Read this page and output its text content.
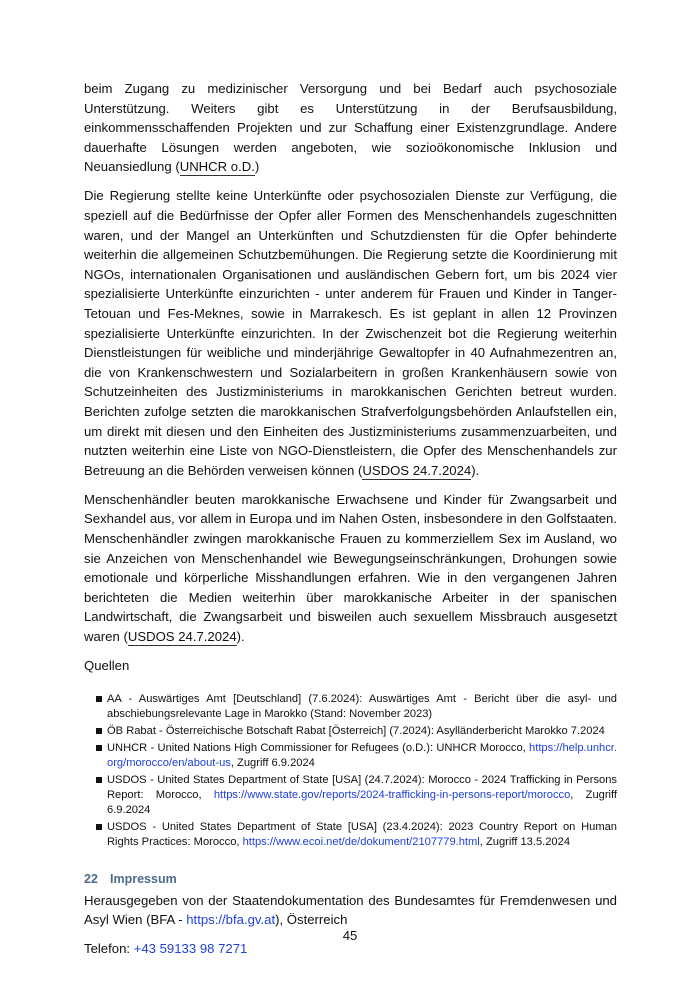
beim Zugang zu medizinischer Versorgung und bei Bedarf auch psychosoziale Unterstützung. Weiters gibt es Unterstützung in der Berufsausbildung, einkommensschaffenden Projekten und zur Schaffung einer Existenzgrundlage. Andere dauerhafte Lösungen werden angeboten, wie sozioökonomische Inklusion und Neuansiedlung (UNHCR o.D.)

Die Regierung stellte keine Unterkünfte oder psychosozialen Dienste zur Verfügung, die speziell auf die Bedürfnisse der Opfer aller Formen des Menschenhandels zugeschnitten waren, und der Mangel an Unterkünften und Schutzdiensten für die Opfer behinderte weiterhin die allgemeinen Schutzbemühungen. Die Regierung setzte die Koordinierung mit NGOs, internationalen Organisationen und ausländischen Gebern fort, um bis 2024 vier spezialisierte Unterkünfte einzurichten - unter anderem für Frauen und Kinder in Tanger-Tetouan und Fes-Meknes, sowie in Marrakesch. Es ist geplant in allen 12 Provinzen spezialisierte Unterkünfte einzurichten. In der Zwischenzeit bot die Regierung weiterhin Dienstleistungen für weibliche und minderjährige Gewaltopfer in 40 Aufnahmezentren an, die von Krankenschwestern und Sozialarbeitern in großen Krankenhäusern sowie von Schutzeinheiten des Justizministeriums in marokkanischen Gerichten betreut wurden. Berichten zufolge setzten die marokkanischen Strafverfolgungsbehörden Anlaufstellen ein, um direkt mit diesen und den Einheiten des Justizministeriums zusammenzuarbeiten, und nutzten weiterhin eine Liste von NGO-Dienstleistern, die Opfer des Menschenhandels zur Betreuung an die Behörden verweisen können (USDOS 24.7.2024).

Menschenhändler beuten marokkanische Erwachsene und Kinder für Zwangsarbeit und Sexhandel aus, vor allem in Europa und im Nahen Osten, insbesondere in den Golfstaaten. Menschenhändler zwingen marokkanische Frauen zu kommerziellem Sex im Ausland, wo sie Anzeichen von Menschenhandel wie Bewegungseinschränkungen, Drohungen sowie emotionale und körperliche Misshandlungen erfahren. Wie in den vergangenen Jahren berichteten die Medien weiterhin über marokkanische Arbeiter in der spanischen Landwirtschaft, die Zwangsarbeit und bisweilen auch sexuellem Missbrauch ausgesetzt waren (USDOS 24.7.2024).

Quellen

AA - Auswärtiges Amt [Deutschland] (7.6.2024): Auswärtiges Amt - Bericht über die asyl- und abschiebungsrelevante Lage in Marokko (Stand: November 2023)
ÖB Rabat - Österreichische Botschaft Rabat [Österreich] (7.2024): Asylländerbericht Marokko 7.2024
UNHCR - United Nations High Commissioner for Refugees (o.D.): UNHCR Morocco, https://help.unhcr.org/morocco/en/about-us, Zugriff 6.9.2024
USDOS - United States Department of State [USA] (24.7.2024): Morocco - 2024 Trafficking in Persons Report: Morocco, https://www.state.gov/reports/2024-trafficking-in-persons-report/morocco, Zugriff 6.9.2024
USDOS - United States Department of State [USA] (23.4.2024): 2023 Country Report on Human Rights Practices: Morocco, https://www.ecoi.net/de/dokument/2107779.html, Zugriff 13.5.2024
22 Impressum

Herausgegeben von der Staatendokumentation des Bundesamtes für Fremdenwesen und Asyl Wien (BFA - https://bfa.gv.at), Österreich

Telefon: +43 59133 98 7271

45
